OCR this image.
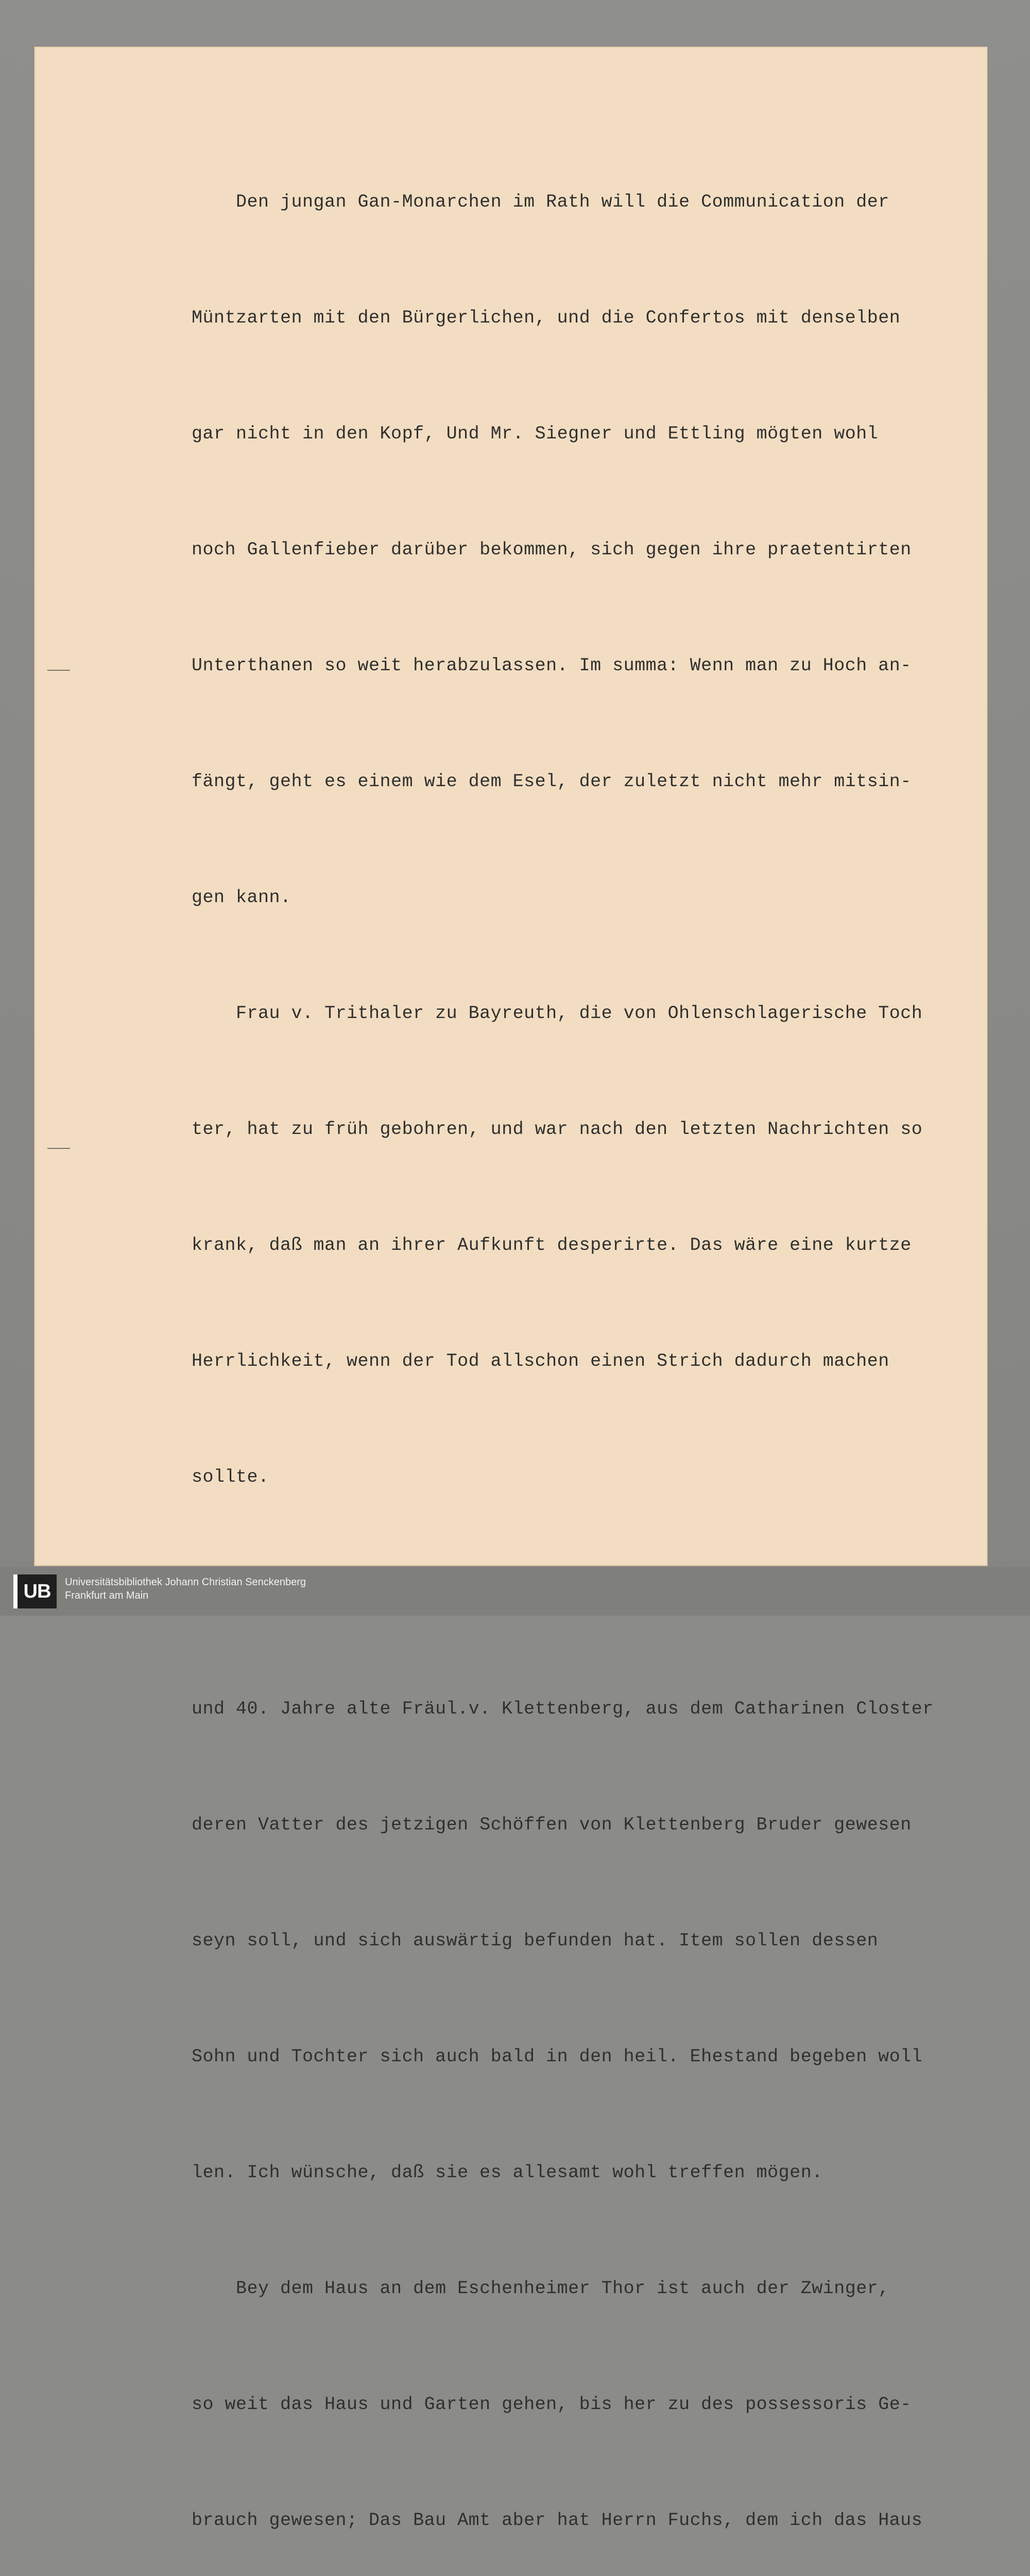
Den jungan Gan-Monarchen im Rath will die Communication der

Müntzarten mit den Bürgerlichen, und die Confertos mit denselben

gar nicht in den Kopf, Und Mr. Siegner und Ettling mögten wohl

noch Gallenfieber darüber bekommen, sich gegen ihre praetentirten

Unterthanen so weit herabzulassen. Im summa: Wenn man zu Hoch an-

fängt, geht es einem wie dem Esel, der zuletzt nicht mehr mitsin-

gen kann.

Frau v. Trithaler zu Bayreuth, die von Ohlenschlagerische Toch

ter, hat zu früh gebohren, und war nach den letzten Nachrichten so

krank, daß man an ihrer Aufkunft desperirte. Das wäre eine kurtze

Herrlichkeit, wenn der Tod allschon einen Strich dadurch machen

sollte.

und 40. Jahre alte Fräul.v. Klettenberg, aus dem Catharinen Closter

deren Vatter des jetzigen Schöffen von Klettenberg Bruder gewesen

seyn soll, und sich auswärtig befunden hat. Item sollen dessen

Sohn und Tochter sich auch bald in den heil. Ehestand begeben woll

len. Ich wünsche, daß sie es allesamt wohl treffen mögen.

Bey dem Haus an dem Eschenheimer Thor ist auch der Zwinger,

so weit das Haus und Garten gehen, bis her zu des possessoris Ge-

brauch gewesen; Das Bau Amt aber hat Herrn Fuchs, dem ich das Haus

UB	Universitätsbibliothek Johann Christian Senckenberg
Frankfurt am Main
